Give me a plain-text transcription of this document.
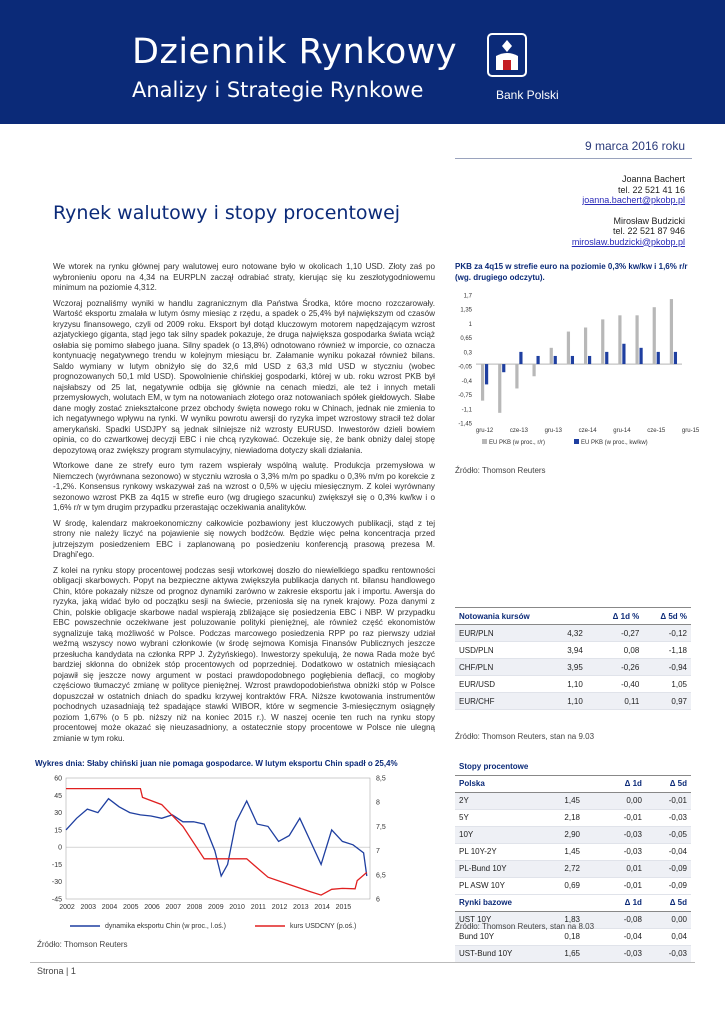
Dziennik Rynkowy
Analizy i Strategie Rynkowe	Bank Polski
9 marca 2016 roku
Joanna Bachert
tel. 22 521 41 16
joanna.bachert@pkobp.pl
Mirosław Budzicki
tel. 22 521 87 946
miroslaw.budzicki@pkobp.pl
Rynek walutowy i stopy procentowej

We wtorek na rynku głównej pary walutowej euro notowane było w okolicach 1,10 USD. Złoty zaś po wybronieniu oporu na 4,34 na EURPLN zaczął odrabiać straty, kierując się ku zeszłotygodniowemu minimum na poziomie 4,312.

Wczoraj poznaliśmy wyniki w handlu zagranicznym dla Państwa Środka, które mocno rozczarowały. Wartość eksportu zmalała w lutym ósmy miesiąc z rzędu, a spadek o 25,4% był największym od czasów kryzysu finansowego, czyli od 2009 roku. Eksport był dotąd kluczowym motorem napędzającym wzrost azjatyckiego giganta, stąd jego tak silny spadek pokazuje, że druga największa gospodarka świata wciąż osłabia się pomimo słabego juana. Silny spadek (o 13,8%) odnotowano również w imporcie, co oznacza kontynuację negatywnego trendu w kolejnym miesiącu br. Załamanie wyniku pokazał również bilans. Saldo wymiany w lutym obniżyło się do 32,6 mld USD z 63,3 mld USD w styczniu (wobec prognozowanych 50,1 mld USD). Spowolnienie chińskiej gospodarki, której w ub. roku wzrost PKB był najsłabszy od 25 lat, negatywnie odbija się głównie na cenach miedzi, ale też i innych metali przemysłowych, wolutach EM, w tym na notowaniach złotego oraz notowaniach spółek giełdowych. Słabe dane mogły zostać zniekształcone przez obchody święta nowego roku w Chinach, jednak nie zmienia to ich negatywnego wpływu na rynki. W wyniku powrotu awersji do ryzyka impet wzrostowy stracił też dolar amerykański. Spadki USDJPY są jednak silniejsze niż wzrosty EURUSD. Inwestorów dzieli bowiem opinia, co do czwartkowej decyzji EBC i nie chcą ryzykować. Oczekuje się, że bank obniży dalej stopę depozytową oraz zwiększy program stymulacyjny, niewiadoma dotyczy skali działania.

Wtorkowe dane ze strefy euro tym razem wspierały wspólną walutę. Produkcja przemysłowa w Niemczech (wyrównana sezonowo) w styczniu wzrosła o 3,3% m/m po spadku o 0,3% m/m po korekcie z -1,2%. Konsensus rynkowy wskazywał zaś na wzrost o 0,5% w ujęciu miesięcznym. Z kolei wyrównany sezonowo wzrost PKB za 4q15 w strefie euro (wg drugiego szacunku) zwiększył się o 0,3% kw/kw i o 1,6% r/r w tym drugim przypadku przerastając oczekiwania analityków.

W środę, kalendarz makroekonomiczny całkowicie pozbawiony jest kluczowych publikacji, stąd z tej strony nie należy liczyć na pojawienie się nowych bodźców. Będzie więc pełna koncentracja przed jutrzejszym posiedzeniem EBC i zaplanowaną po posiedzeniu konferencją prasową prezesa M. Draghi'ego.

Z kolei na rynku stopy procentowej podczas sesji wtorkowej doszło do niewielkiego spadku rentowności obligacji skarbowych. Popyt na bezpieczne aktywa zwiększyła publikacja danych nt. bilansu handlowego Chin, które pokazały niższe od prognoz dynamiki zarówno w zakresie eksportu jak i importu. Awersja do ryzyka, jaką widać było od początku sesji na świecie, przeniosła się na rynek krajowy. Poza danymi z Chin, polskie obligacje skarbowe nadal wspierają zbliżające się posiedzenia EBC i NBP. W przypadku EBC powszechnie oczekiwane jest poluzowanie polityki pieniężnej, ale również część ekonomistów sygnalizuje taką możliwość w Polsce. Podczas marcowego posiedzenia RPP po raz pierwszy udział weźmą wszyscy nowo wybrani członkowie (w środę sejmowa Komisja Finansów Publicznych jeszcze przesłucha kandydata na członka RPP J. Żyżyńskiego). Inwestorzy spekulują, że nowa Rada może być bardziej skłonna do obniżek stóp procentowych od poprzedniej. Dodatkowo w ostatnich miesiącach pojawił się jeszcze nowy argument w postaci prawdopodobnego pogłębienia deflacji, co mogłoby częściowo tłumaczyć zmianę w polityce pieniężnej. Wzrost prawdopodobieństwa obniżki stóp w Polsce dopuszczał w ostatnich dniach do spadku krzywej kontraktów FRA. Niższe kwotowania instrumentów pochodnych uzasadniają też spadające stawki WIBOR, które w segmencie 3-miesięcznym osiągnęły poziom 1,67% (o 5 pb. niższy niż na koniec 2015 r.). W naszej ocenie ten ruch na rynku stopy procentowej może okazać się nieuzasadniony, a ostatecznie stopy procentowe w Polsce nie ulegną zmianie w tym roku.

PKB za 4q15 w strefie euro na poziomie 0,3% kw/kw i 1,6% r/r (wg. drugiego odczytu).
1,7
1,35
1
0,65
0,3
-0,05
-0,4
-0,75
-1,1
-1,45
gru-12	cze-13	gru-13	cze-14	gru-14	cze-15	gru-15
EU PKB (w proc., r/r)	EU PKB (w proc., kw/kw)
Źródło: Thomson Reuters
Notowania kursów		Δ 1d %	Δ 5d %
EUR/PLN	4,32	-0,27	-0,12
USD/PLN	3,94	0,08	-1,18
CHF/PLN	3,95	-0,26	-0,94
EUR/USD	1,10	-0,40	1,05
EUR/CHF	1,10	0,11	0,97
Źródło: Thomson Reuters, stan na 9.03
Stopy procentowe			
Polska		Δ 1d	Δ 5d
2Y	1,45	0,00	-0,01
5Y	2,18	-0,01	-0,03
10Y	2,90	-0,03	-0,05
PL 10Y-2Y	1,45	-0,03	-0,04
PL-Bund 10Y	2,72	0,01	-0,09
PL ASW 10Y	0,69	-0,01	-0,09
Rynki bazowe		Δ 1d	Δ 5d
UST 10Y	1,83	-0,08	0,00
Bund 10Y	0,18	-0,04	0,04
UST-Bund 10Y	1,65	-0,03	-0,03
Źródło: Thomson Reuters, stan na 8.03
Wykres dnia: Słaby chiński juan nie pomaga gospodarce. W lutym eksportu Chin spadł o 25,4%
60
45
30
15
0
-15
-30
-45
8,5
8
7,5
7
6,5
6
2002 2003 2004 2005 2006 2007 2008 2009 2010 2011 2012 2013 2014 2015
dynamika eksportu Chin (w proc., l.oś.)	kurs USDCNY (p.oś.)
Źródło: Thomson Reuters
Strona | 1
